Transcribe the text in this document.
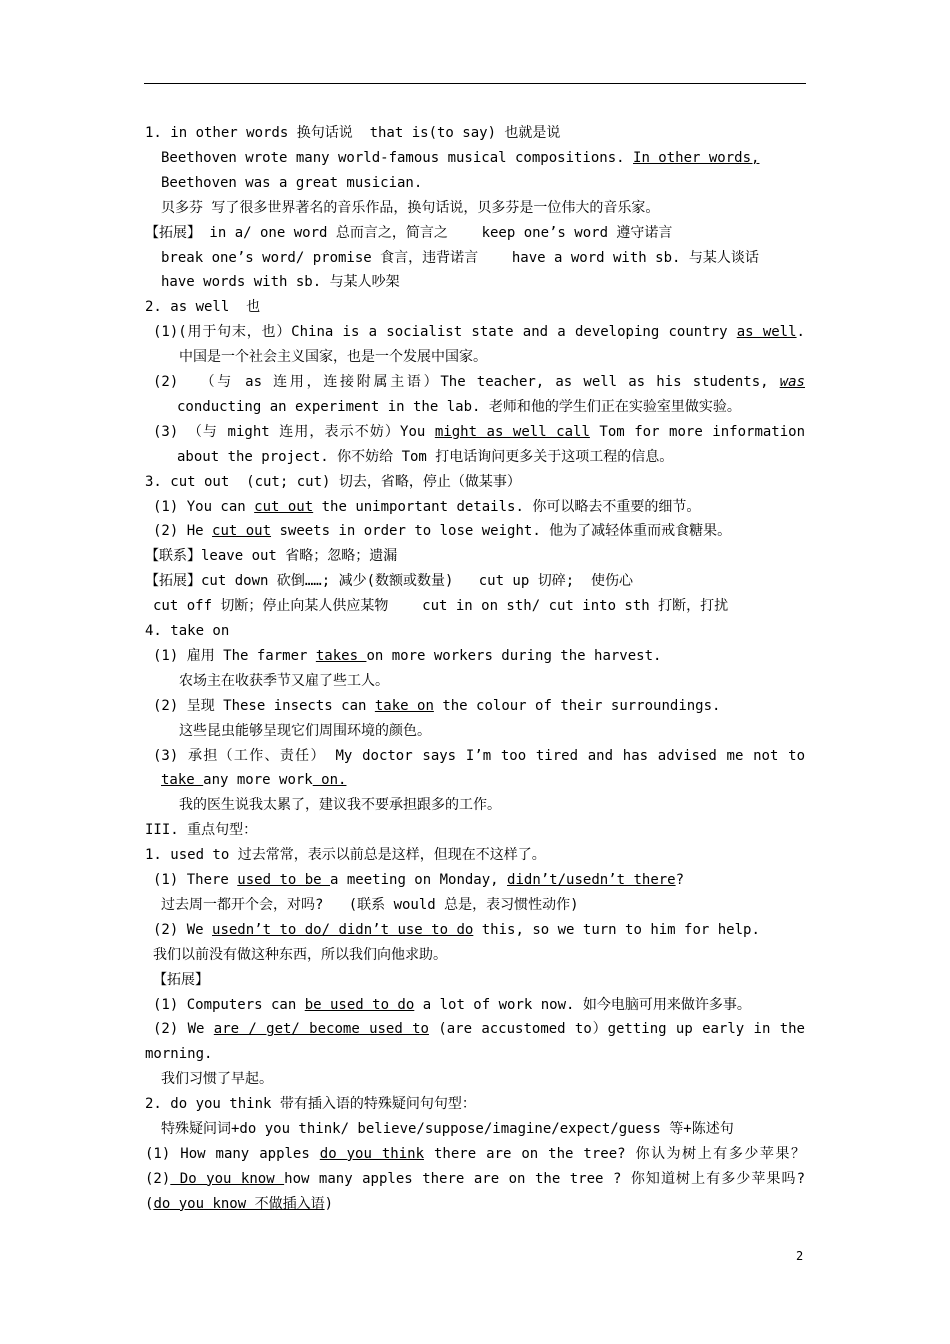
1. in other words 换句话说  that is(to say) 也就是说
Beethoven wrote many world-famous musical compositions. In other words,
Beethoven was a great musician.
贝多芬 写了很多世界著名的音乐作品，换句话说，贝多芬是一位伟大的音乐家。
【拓展】 in a/ one word 总而言之，简言之    keep one’s word 遵守诺言
break one’s word/ promise 食言，违背诺言    have a word with sb. 与某人谈话
have words with sb. 与某人吵架
2. as well  也
(1)(用于句末，也）China is a socialist state and a developing country as well.
中国是一个社会主义国家，也是一个发展中国家。
(2)  （与 as 连用，连接附属主语）The teacher, as well as his students, was
conducting an experiment in the lab. 老师和他的学生们正在实验室里做实验。
(3) （与 might 连用，表示不妨）You might as well call Tom for more information
about the project. 你不妨给 Tom 打电话询问更多关于这项工程的信息。
3. cut out  (cut; cut) 切去，省略，停止（做某事）
(1) You can cut out the unimportant details. 你可以略去不重要的细节。
(2) He cut out sweets in order to lose weight. 他为了减轻体重而戒食糖果。
【联系】leave out 省略；忽略；遗漏
【拓展】cut down 砍倒……; 减少(数额或数量)   cut up 切碎;  使伤心
cut off 切断；停止向某人供应某物    cut in on sth/ cut into sth 打断，打扰
4. take on
(1) 雇用 The farmer takes on more workers during the harvest.
农场主在收获季节又雇了些工人。
(2) 呈现 These insects can take on the colour of their surroundings.
这些昆虫能够呈现它们周围环境的颜色。
(3) 承担（工作、责任） My doctor says I’m too tired and has advised me not to
take any more work on.
我的医生说我太累了，建议我不要承担跟多的工作。
III. 重点句型：
1. used to 过去常常，表示以前总是这样，但现在不这样了。
(1) There used to be a meeting on Monday, didn’t/usedn’t there?
过去周一都开个会，对吗?   (联系 would 总是，表习惯性动作)
(2) We usedn’t to do/ didn’t use to do this, so we turn to him for help.
我们以前没有做这种东西，所以我们向他求助。
【拓展】
(1) Computers can be used to do a lot of work now. 如今电脑可用来做许多事。
(2) We are / get/ become used to (are accustomed to）getting up early in the
morning.
我们习惯了早起。
2. do you think 带有插入语的特殊疑问句句型：
特殊疑问词+do you think/ believe/suppose/imagine/expect/guess 等+陈述句
(1) How many apples do you think there are on the tree? 你认为树上有多少苹果？
(2) Do you know how many apples there are on the tree ? 你知道树上有多少苹果吗?
(do you know 不做插入语)
2
